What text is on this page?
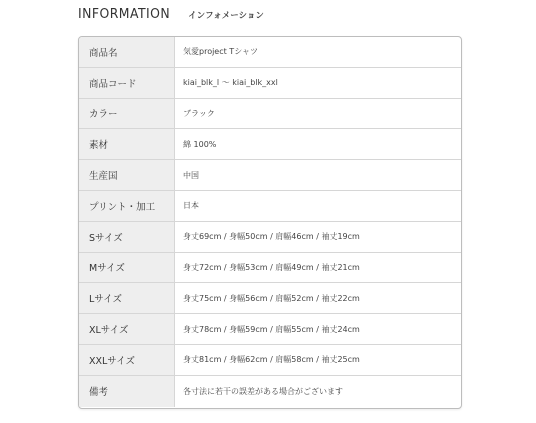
INFORMATION インフォメーション
商品名	気愛project Tシャツ
商品コード	kiai_blk_l 〜 kiai_blk_xxl
カラー	ブラック
素材	綿 100%
生産国	中国
プリント・加工	日本
Sサイズ	身丈69cm / 身幅50cm / 肩幅46cm / 袖丈19cm
Mサイズ	身丈72cm / 身幅53cm / 肩幅49cm / 袖丈21cm
Lサイズ	身丈75cm / 身幅56cm / 肩幅52cm / 袖丈22cm
XLサイズ	身丈78cm / 身幅59cm / 肩幅55cm / 袖丈24cm
XXLサイズ	身丈81cm / 身幅62cm / 肩幅58cm / 袖丈25cm
備考	各寸法に若干の誤差がある場合がございます
